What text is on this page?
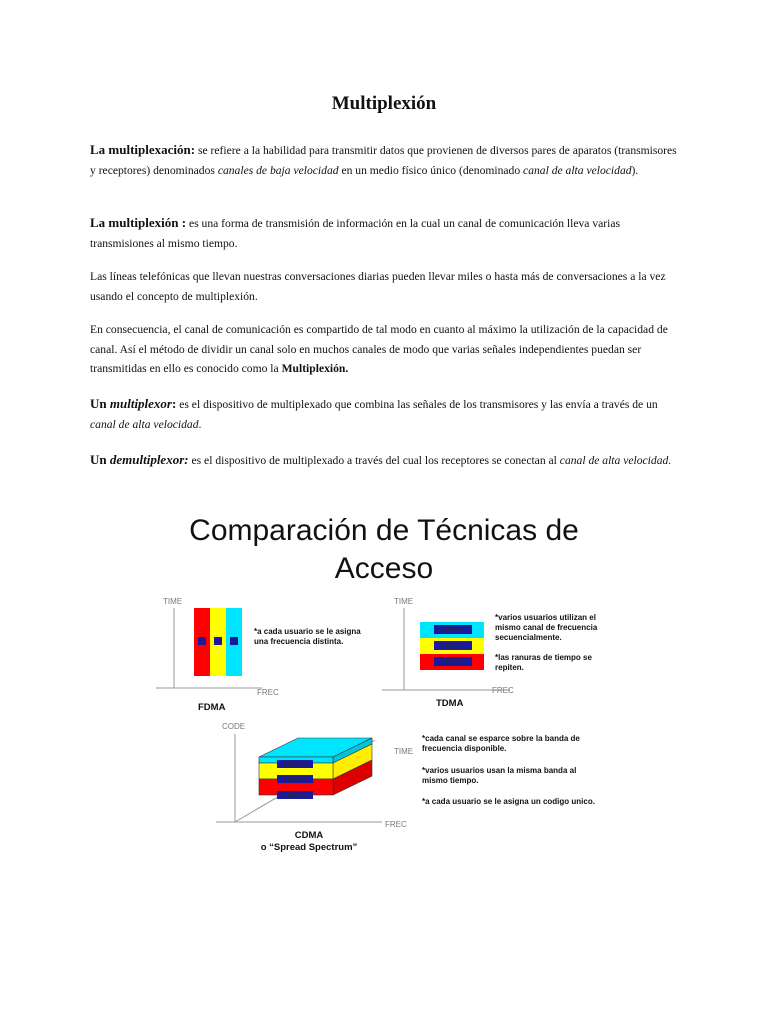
Multiplexión

La multiplexación: se refiere a la habilidad para transmitir datos que provienen de diversos pares de aparatos (transmisores y receptores) denominados canales de baja velocidad en un medio físico único (denominado canal de alta velocidad).

La multiplexión : es una forma de transmisión de información en la cual un canal de comunicación lleva varias transmisiones al mismo tiempo.

Las líneas telefónicas que llevan nuestras conversaciones diarias pueden llevar miles o hasta más de conversaciones a la vez usando el concepto de multiplexión.

En consecuencia, el canal de comunicación es compartido de tal modo en cuanto al máximo la utilización de la capacidad de canal. Así el método de dividir un canal solo en muchos canales de modo que varias señales independientes puedan ser transmitidas en ello es conocido como la Multiplexión.

Un multiplexor: es el dispositivo de multiplexado que combina las señales de los transmisores y las envía a través de un canal de alta velocidad.

Un demultiplexor: es el dispositivo de multiplexado a través del cual los receptores se conectan al canal de alta velocidad.

Comparación de Técnicas de
Acceso
TIME
FREC
*a cada usuario se le asigna
una frecuencia distinta.
FDMA
TIME
FREC
User 3
User 2
User 1
*varios usuarios utilizan el
mismo canal de frecuencia
secuencialmente.
*las ranuras de tiempo se
repiten.
TDMA
CODE
TIME
FREC
User 3
User 2
User 1
*cada canal se esparce sobre la banda de
frecuencia disponible.
*varios usuarios usan la misma banda al
mismo tiempo.
*a cada usuario se le asigna un codigo unico.
CDMA
o “Spread Spectrum”
